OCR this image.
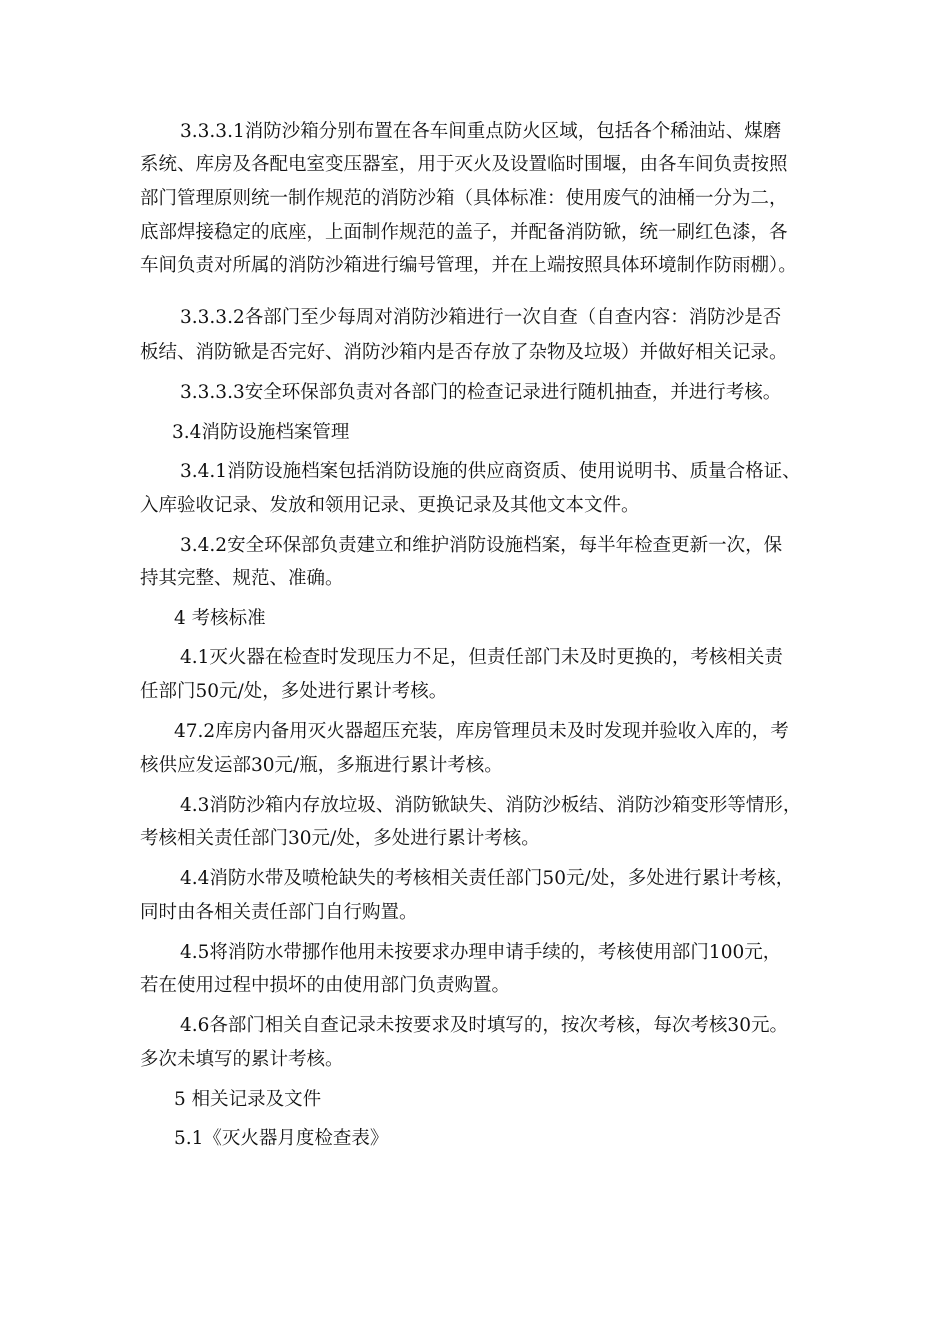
3.3.3.1消防沙箱分别布置在各车间重点防火区域，包括各个稀油站、煤磨
系统、库房及各配电室变压器室，用于灭火及设置临时围堰，由各车间负责按照
部门管理原则统一制作规范的消防沙箱（具体标准：使用废气的油桶一分为二，
底部焊接稳定的底座，上面制作规范的盖子，并配备消防锨，统一刷红色漆，各
车间负责对所属的消防沙箱进行编号管理，并在上端按照具体环境制作防雨棚）。
3.3.3.2各部门至少每周对消防沙箱进行一次自查（自查内容：消防沙是否
板结、消防锨是否完好、消防沙箱内是否存放了杂物及垃圾）并做好相关记录。
3.3.3.3安全环保部负责对各部门的检查记录进行随机抽查，并进行考核。
3.4消防设施档案管理
3.4.1消防设施档案包括消防设施的供应商资质、使用说明书、质量合格证、
入库验收记录、发放和领用记录、更换记录及其他文本文件。
3.4.2安全环保部负责建立和维护消防设施档案，每半年检查更新一次，保
持其完整、规范、准确。
4 考核标准
4.1灭火器在检查时发现压力不足，但责任部门未及时更换的，考核相关责
任部门50元/处，多处进行累计考核。
47.2库房内备用灭火器超压充装，库房管理员未及时发现并验收入库的，考
核供应发运部30元/瓶，多瓶进行累计考核。
4.3消防沙箱内存放垃圾、消防锨缺失、消防沙板结、消防沙箱变形等情形，
考核相关责任部门30元/处，多处进行累计考核。
4.4消防水带及喷枪缺失的考核相关责任部门50元/处，多处进行累计考核，
同时由各相关责任部门自行购置。
4.5将消防水带挪作他用未按要求办理申请手续的，考核使用部门100元，
若在使用过程中损坏的由使用部门负责购置。
4.6各部门相关自查记录未按要求及时填写的，按次考核，每次考核30元。
多次未填写的累计考核。
5 相关记录及文件
5.1《灭火器月度检查表》
